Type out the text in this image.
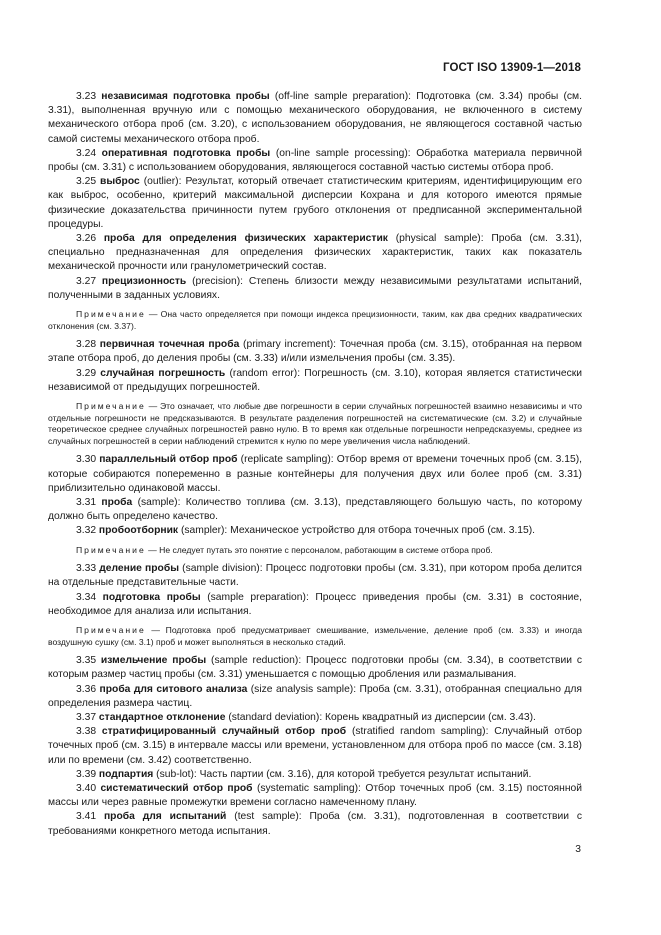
ГОСТ ISO 13909-1—2018

3.23 независимая подготовка пробы (off-line sample preparation): Подготовка (см. 3.34) пробы (см. 3.31), выполненная вручную или с помощью механического оборудования, не включенного в систему механического отбора проб (см. 3.20), с использованием оборудования, не являющегося составной частью самой системы механического отбора проб.

3.24 оперативная подготовка пробы (on-line sample processing): Обработка материала первичной пробы (см. 3.31) с использованием оборудования, являющегося составной частью системы отбора проб.

3.25 выброс (outlier): Результат, который отвечает статистическим критериям, идентифицирующим его как выброс, особенно, критерий максимальной дисперсии Кохрана и для которого имеются прямые физические доказательства причинности путем грубого отклонения от предписанной экспериментальной процедуры.

3.26 проба для определения физических характеристик (physical sample): Проба (см. 3.31), специально предназначенная для определения физических характеристик, таких как показатель механической прочности или гранулометрический состав.

3.27 прецизионность (precision): Степень близости между независимыми результатами испытаний, полученными в заданных условиях.

Примечание — Она часто определяется при помощи индекса прецизионности, таким, как два средних квадратических отклонения (см. 3.37).

3.28 первичная точечная проба (primary increment): Точечная проба (см. 3.15), отобранная на первом этапе отбора проб, до деления пробы (см. 3.33) и/или измельчения пробы (см. 3.35).

3.29 случайная погрешность (random error): Погрешность (см. 3.10), которая является статистически независимой от предыдущих погрешностей.

Примечание — Это означает, что любые две погрешности в серии случайных погрешностей взаимно независимы и что отдельные погрешности не предсказываются. В результате разделения погрешностей на систематические (см. 3.2) и случайные теоретическое среднее случайных погрешностей равно нулю. В то время как отдельные погрешности непредсказуемы, среднее из случайных погрешностей в серии наблюдений стремится к нулю по мере увеличения числа наблюдений.

3.30 параллельный отбор проб (replicate sampling): Отбор время от времени точечных проб (см. 3.15), которые собираются попеременно в разные контейнеры для получения двух или более проб (см. 3.31) приблизительно одинаковой массы.

3.31 проба (sample): Количество топлива (см. 3.13), представляющего большую часть, по которому должно быть определено качество.

3.32 пробоотборник (sampler): Механическое устройство для отбора точечных проб (см. 3.15).

Примечание — Не следует путать это понятие с персоналом, работающим в системе отбора проб.

3.33 деление пробы (sample division): Процесс подготовки пробы (см. 3.31), при котором проба делится на отдельные представительные части.

3.34 подготовка пробы (sample preparation): Процесс приведения пробы (см. 3.31) в состояние, необходимое для анализа или испытания.

Примечание — Подготовка проб предусматривает смешивание, измельчение, деление проб (см. 3.33) и иногда воздушную сушку (см. 3.1) проб и может выполняться в несколько стадий.

3.35 измельчение пробы (sample reduction): Процесс подготовки пробы (см. 3.34), в соответствии с которым размер частиц пробы (см. 3.31) уменьшается с помощью дробления или размалывания.

3.36 проба для ситового анализа (size analysis sample): Проба (см. 3.31), отобранная специально для определения размера частиц.

3.37 стандартное отклонение (standard deviation): Корень квадратный из дисперсии (см. 3.43).

3.38 стратифицированный случайный отбор проб (stratified random sampling): Случайный отбор точечных проб (см. 3.15) в интервале массы или времени, установленном для отбора проб по массе (см. 3.18) или по времени (см. 3.42) соответственно.

3.39 подпартия (sub-lot): Часть партии (см. 3.16), для которой требуется результат испытаний.

3.40 систематический отбор проб (systematic sampling): Отбор точечных проб (см. 3.15) постоянной массы или через равные промежутки времени согласно намеченному плану.

3.41 проба для испытаний (test sample): Проба (см. 3.31), подготовленная в соответствии с требованиями конкретного метода испытания.

3
